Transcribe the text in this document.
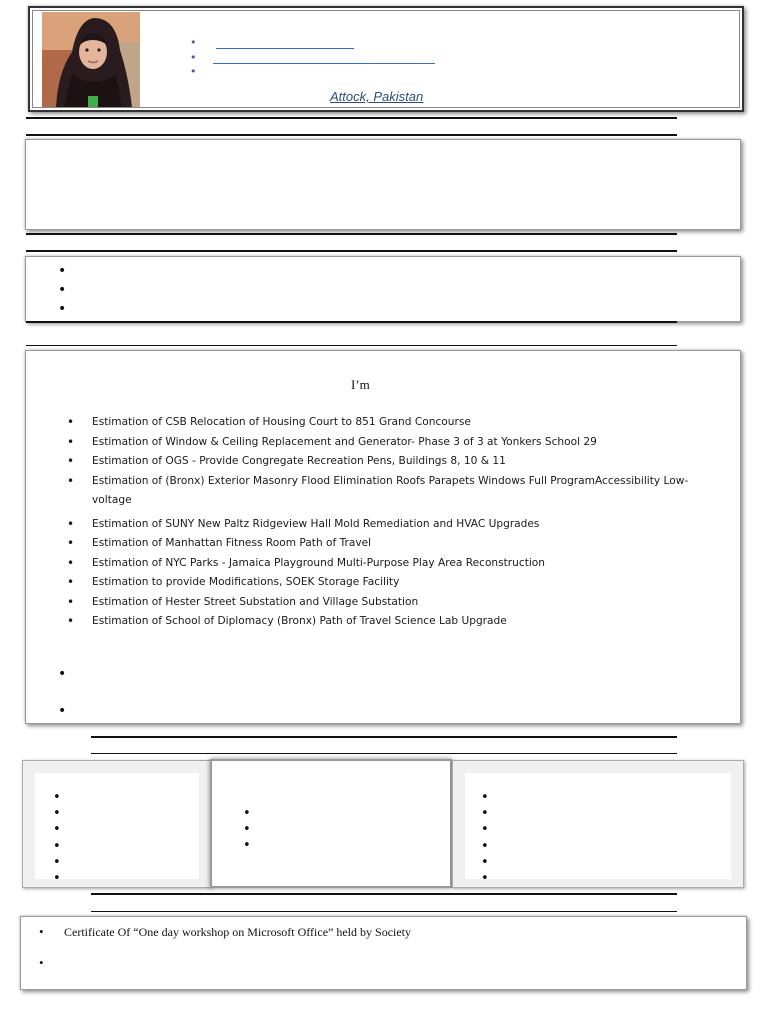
Attock, Pakistan
•
•
•
I’m
• Estimation of CSB Relocation of Housing Court to 851 Grand Concourse
• Estimation of Window & Ceiling Replacement and Generator- Phase 3 of 3 at Yonkers School 29
• Estimation of OGS - Provide Congregate Recreation Pens, Buildings 8, 10 & 11
• Estimation of (Bronx) Exterior Masonry Flood Elimination Roofs Parapets Windows Full ProgramAccessibility Low-voltage
• Estimation of SUNY New Paltz Ridgeview Hall Mold Remediation and HVAC Upgrades
• Estimation of Manhattan Fitness Room Path of Travel
• Estimation of NYC Parks - Jamaica Playground Multi-Purpose Play Area Reconstruction
• Estimation to provide Modifications, SOEK Storage Facility
• Estimation of Hester Street Substation and Village Substation
• Estimation of School of Diplomacy (Bronx) Path of Travel Science Lab Upgrade
•
•
•
•
•
•
•
•
•
•
•
•
•
•
•
•
•
• Certificate Of “One day workshop on Microsoft Office” held by Society
•
